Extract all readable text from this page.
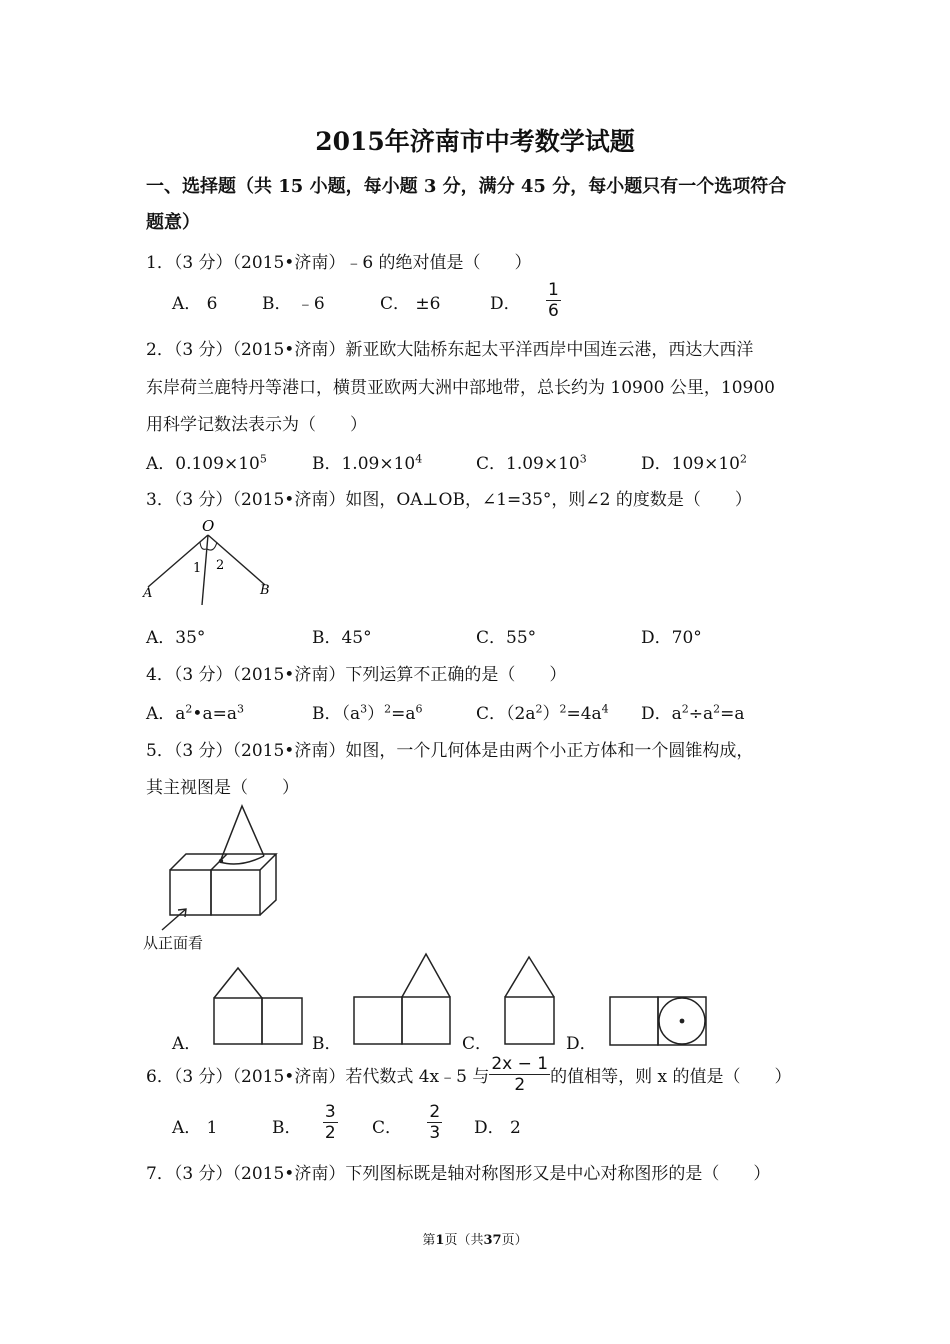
2015年济南市中考数学试题
一、选择题（共 15 小题，每小题 3 分，满分 45 分，每小题只有一个选项符合
题意）
1．（3 分）（2015•济南）﹣6 的绝对值是（　　）
A． 6	B． ﹣6	C． ±6	D． $\frac{1}{6}$
2．（3 分）（2015•济南）新亚欧大陆桥东起太平洋西岸中国连云港，西达大西洋
东岸荷兰鹿特丹等港口，横贯亚欧两大洲中部地带，总长约为 10900 公里，10900
用科学记数法表示为（　　）
A．$0.109\times 10^5$	B．$1.09\times 10^4$	C．$1.09\times 10^3$	D．$109\times 10^2$
3．（3 分）（2015•济南）如图，OA⊥OB，∠1=35°，则∠2 的度数是（　　）
O
A	B
1 2
A．35°	B．45°	C．55°	D．70°
4．（3 分）（2015•济南）下列运算不正确的是（　　）
A．$a^2•a=a^3$	B．$(a^3)^2=a^6$	C．$(2a^2)^2=4a^4$ D．$a^2\div a^2=a$
5．（3 分）（2015•济南）如图，一个几何体是由两个小正方体和一个圆锥构成，
其主视图是（　　）
从正面看
A．	B．	C．	D．
6．（3 分）（2015•济南）若代数式 4x﹣5 与 $\frac{2x - 1}{2}$ 的值相等，则 x 的值是（　　）
A． 1	B． $\frac{3}{2}$ C． $\frac{2}{3}$ D． 2
7．（3 分）（2015•济南）下列图标既是轴对称图形又是中心对称图形的是（　　）
第1页（共37页）
